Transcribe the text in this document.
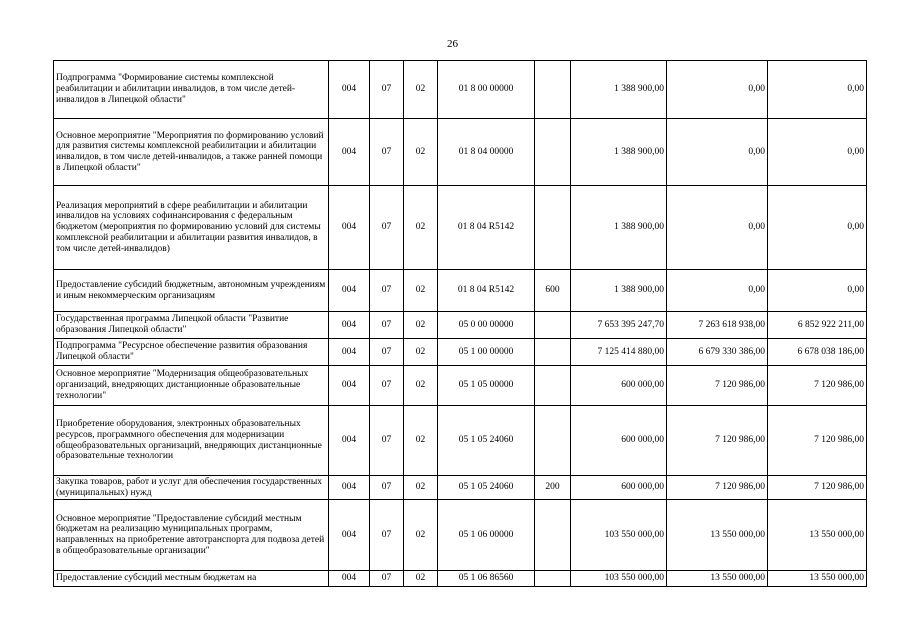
26
Подпрограмма "Формирование системы комплексной реабилитации и абилитации инвалидов, в том числе детей-инвалидов в Липецкой области"	004	07	02	01 8 00 00000		1 388 900,00	0,00	0,00
Основное мероприятие "Мероприятия по формированию условий для развития системы комплексной реабилитации и абилитации инвалидов, в том числе детей-инвалидов, а также ранней помощи в Липецкой области"	004	07	02	01 8 04 00000		1 388 900,00	0,00	0,00
Реализация мероприятий в сфере реабилитации и абилитации инвалидов на условиях софинансирования с федеральным бюджетом (мероприятия по формированию условий для системы комплексной реабилитации и абилитации развития инвалидов, в том числе детей-инвалидов)	004	07	02	01 8 04 R5142		1 388 900,00	0,00	0,00
Предоставление субсидий бюджетным, автономным учреждениям и иным некоммерческим организациям	004	07	02	01 8 04 R5142	600	1 388 900,00	0,00	0,00
Государственная программа Липецкой области "Развитие образования Липецкой области"	004	07	02	05 0 00 00000		7 653 395 247,70	7 263 618 938,00	6 852 922 211,00
Подпрограмма "Ресурсное обеспечение развития образования Липецкой области"	004	07	02	05 1 00 00000		7 125 414 880,00	6 679 330 386,00	6 678 038 186,00
Основное мероприятие "Модернизация общеобразовательных организаций, внедряющих дистанционные образовательные технологии"	004	07	02	05 1 05 00000		600 000,00	7 120 986,00	7 120 986,00
Приобретение оборудования, электронных образовательных ресурсов, программного обеспечения для модернизации общеобразовательных организаций, внедряющих дистанционные образовательные технологии	004	07	02	05 1 05 24060		600 000,00	7 120 986,00	7 120 986,00
Закупка товаров, работ и услуг для обеспечения государственных (муниципальных) нужд	004	07	02	05 1 05 24060	200	600 000,00	7 120 986,00	7 120 986,00
Основное мероприятие "Предоставление субсидий местным бюджетам на реализацию муниципальных программ, направленных на приобретение автотранспорта для подвоза детей в общеобразовательные организации"	004	07	02	05 1 06 00000		103 550 000,00	13 550 000,00	13 550 000,00
Предоставление субсидий местным бюджетам на	004	07	02	05 1 06 86560		103 550 000,00	13 550 000,00	13 550 000,00
